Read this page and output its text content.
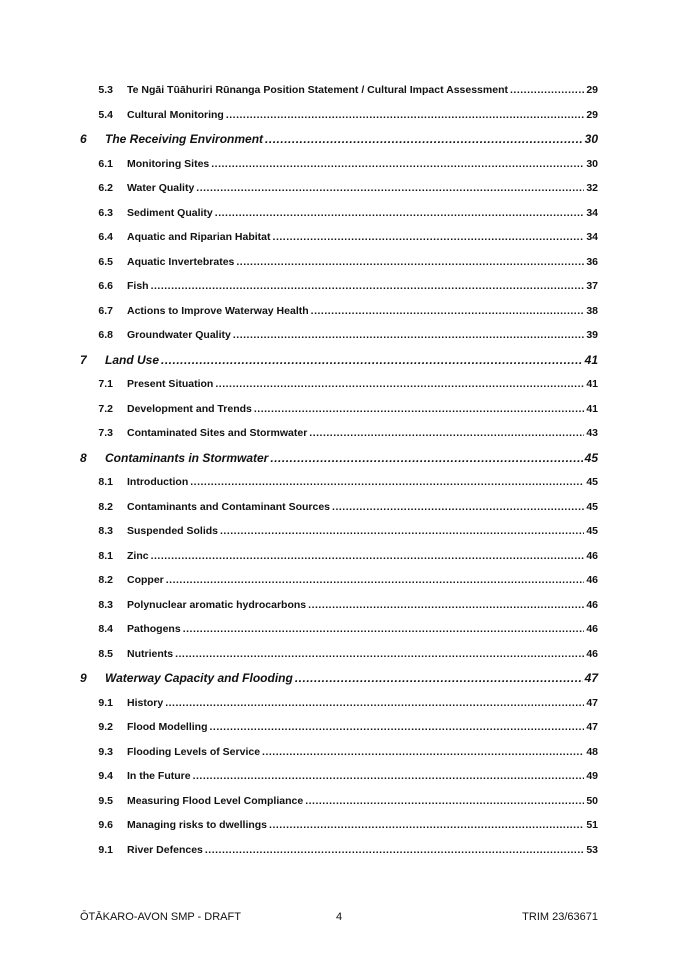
5.3	Te Ngāi Tūāhuriri Rūnanga Position Statement / Cultural Impact Assessment .....	29
5.4	Cultural Monitoring .....	29
6	The Receiving Environment .....	30
6.1	Monitoring Sites .....	30
6.2	Water Quality .....	32
6.3	Sediment Quality .....	34
6.4	Aquatic and Riparian Habitat .....	34
6.5	Aquatic Invertebrates .....	36
6.6	Fish .....	37
6.7	Actions to Improve Waterway Health .....	38
6.8	Groundwater Quality .....	39
7	Land Use .....	41
7.1	Present Situation .....	41
7.2	Development and Trends .....	41
7.3	Contaminated Sites and Stormwater .....	43
8	Contaminants in Stormwater .....	45
8.1	Introduction .....	45
8.2	Contaminants and Contaminant Sources .....	45
8.3	Suspended Solids .....	45
8.1	Zinc .....	46
8.2	Copper .....	46
8.3	Polynuclear aromatic hydrocarbons .....	46
8.4	Pathogens .....	46
8.5	Nutrients .....	46
9	Waterway Capacity and Flooding .....	47
9.1	History .....	47
9.2	Flood Modelling .....	47
9.3	Flooding Levels of Service .....	48
9.4	In the Future .....	49
9.5	Measuring Flood Level Compliance .....	50
9.6	Managing risks to dwellings .....	51
9.1	River Defences .....	53
ŌTĀKARO-AVON SMP - DRAFT	4	TRIM 23/63671
